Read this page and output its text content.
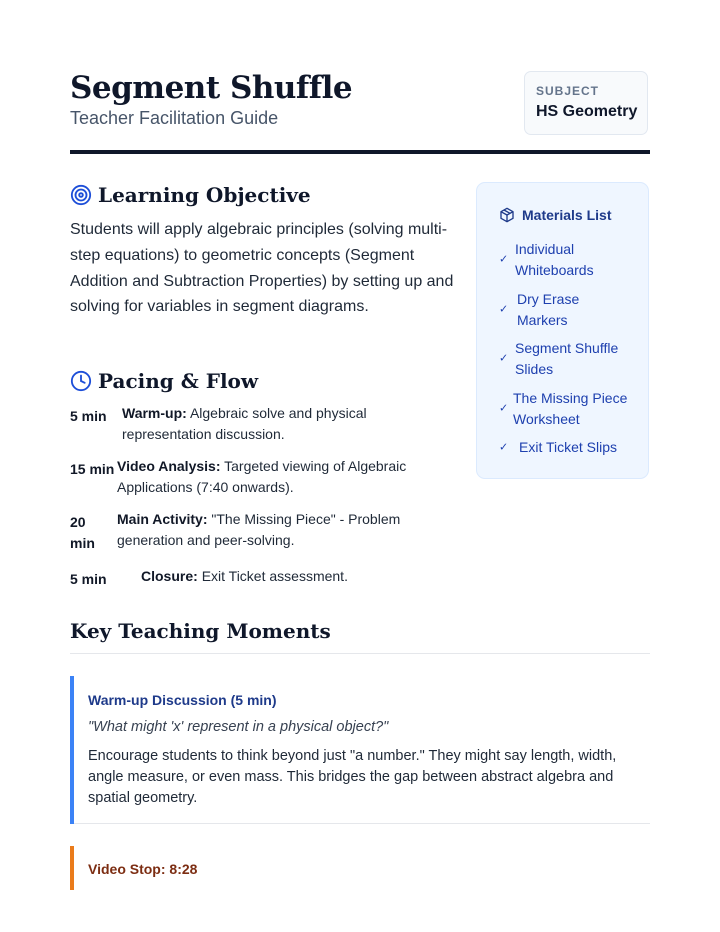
Segment Shuffle
Teacher Facilitation Guide
SUBJECT
HS Geometry
Learning Objective
Students will apply algebraic principles (solving multi-step equations) to geometric concepts (Segment Addition and Subtraction Properties) by setting up and solving for variables in segment diagrams.
Pacing & Flow
5 min Warm-up: Algebraic solve and physical representation discussion.
15 min Video Analysis: Targeted viewing of Algebraic Applications (7:40 onwards).
20 min
Main Activity: "The Missing Piece" - Problem generation and peer-solving.
5 min Closure: Exit Ticket assessment.
Materials List
✓
Individual Whiteboards
✓
Dry Erase Markers
✓
Segment Shuffle Slides
✓
The Missing Piece Worksheet
✓ Exit Ticket Slips
Key Teaching Moments
Warm-up Discussion (5 min)
"What might 'x' represent in a physical object?"
Encourage students to think beyond just "a number." They might say length, width, angle measure, or even mass. This bridges the gap between abstract algebra and spatial geometry.
Video Stop: 8:28
